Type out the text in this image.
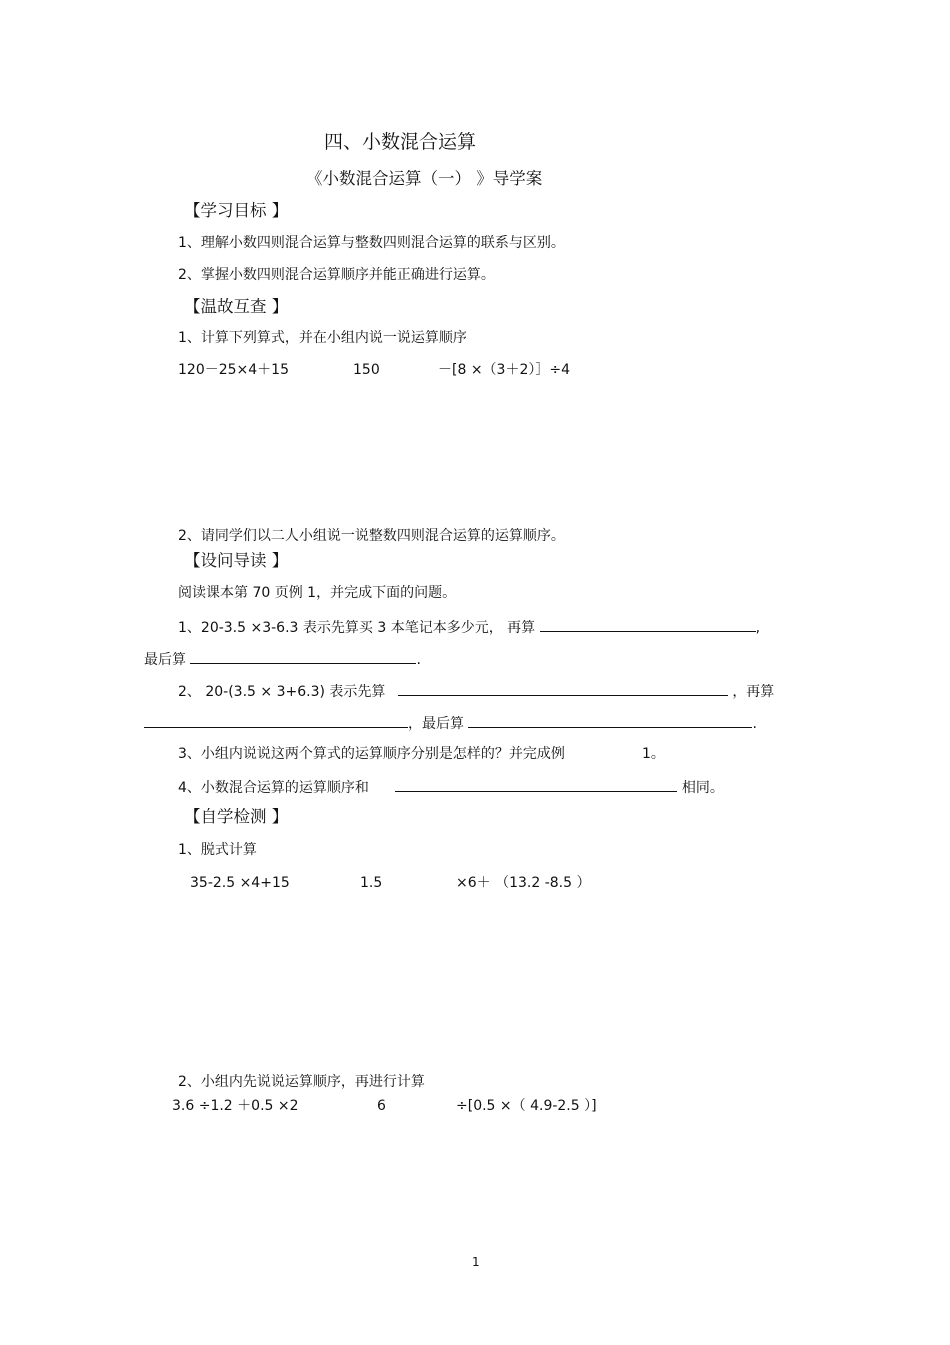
四、小数混合运算
《小数混合运算（一） 》导学案
【学习目标 】
1、理解小数四则混合运算与整数四则混合运算的联系与区别。
2、掌握小数四则混合运算顺序并能正确进行运算。
【温故互查 】
1、计算下列算式，并在小组内说一说运算顺序
120－25×4＋15	150	－[8 ×（3＋2）］÷4
2、请同学们以二人小组说一说整数四则混合运算的运算顺序。
【设问导读 】
阅读课本第 70 页例 1，并完成下面的问题。
1、20-3.5 ×3-6.3 表示先算买 3 本笔记本多少元， 再算	,
最后算	.
2、 20-(3.5 × 3+6.3) 表示先算	，再算
，最后算	.
3、小组内说说这两个算式的运算顺序分别是怎样的？并完成例	1。
4、小数混合运算的运算顺序和	相同。
【自学检测 】
1、脱式计算
35-2.5 ×4+15	1.5	×6＋ （13.2 -8.5 ）
2、小组内先说说运算顺序，再进行计算
3.6 ÷1.2 ＋0.5 ×2	6	÷[0.5 ×（ 4.9-2.5 ）]
1
